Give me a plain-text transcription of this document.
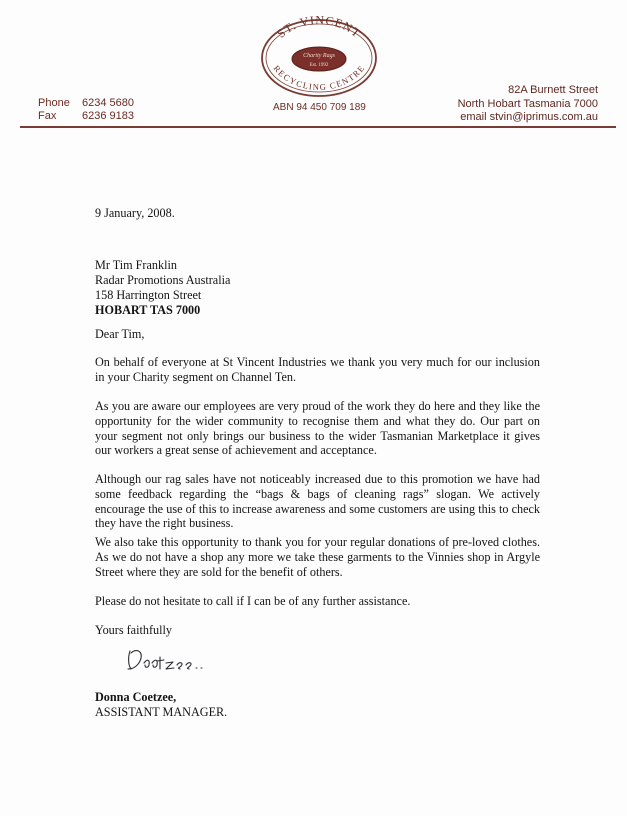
Phone	6234 5680
Fax	6236 9183
ST. VINCENT
RECYCLING CENTRE
Charity Rags
Est. 1992
ABN 94 450 709 189
82A Burnett Street
North Hobart Tasmania 7000
email stvin@iprimus.com.au
9 January, 2008.
Mr Tim Franklin
Radar Promotions Australia
158 Harrington Street
HOBART TAS 7000
Dear Tim,

On behalf of everyone at St Vincent Industries we thank you very much for our inclusion in your Charity segment on Channel Ten.

As you are aware our employees are very proud of the work they do here and they like the opportunity for the wider community to recognise them and what they do. Our part on your segment not only brings our business to the wider Tasmanian Marketplace it gives our workers a great sense of achievement and acceptance.

Although our rag sales have not noticeably increased due to this promotion we have had some feedback regarding the “bags & bags of cleaning rags” slogan. We actively encourage the use of this to increase awareness and some customers are using this to check they have the right business.

We also take this opportunity to thank you for your regular donations of pre-loved clothes. As we do not have a shop any more we take these garments to the Vinnies shop in Argyle Street where they are sold for the benefit of others.

Please do not hesitate to call if I can be of any further assistance.

Yours faithfully
Donna Coetzee,
ASSISTANT MANAGER.
